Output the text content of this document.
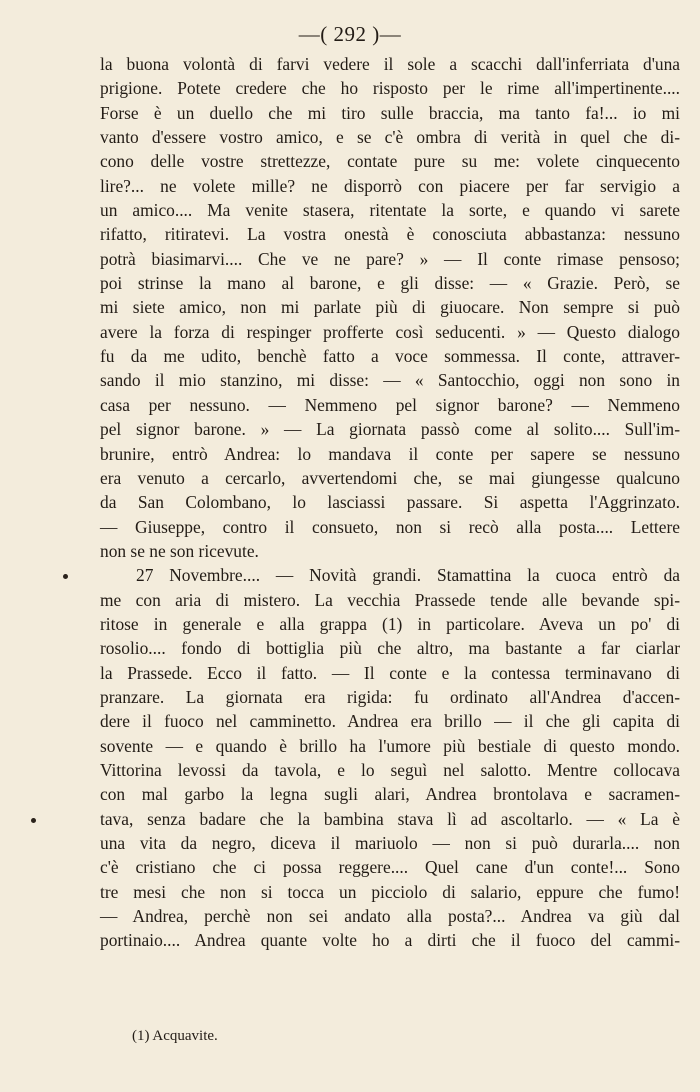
—( 292 )—
la buona volontà di farvi vedere il sole a scacchi dall'inferriata d'una
prigione. Potete credere che ho risposto per le rime all'impertinente....
Forse è un duello che mi tiro sulle braccia, ma tanto fa!... io mi
vanto d'essere vostro amico, e se c'è ombra di verità in quel che di-
cono delle vostre strettezze, contate pure su me: volete cinquecento
lire?... ne volete mille? ne disporrò con piacere per far servigio a
un amico.... Ma venite stasera, ritentate la sorte, e quando vi sarete
rifatto, ritiratevi. La vostra onestà è conosciuta abbastanza: nessuno
potrà biasimarvi.... Che ve ne pare? » — Il conte rimase pensoso;
poi strinse la mano al barone, e gli disse: — « Grazie. Però, se
mi siete amico, non mi parlate più di giuocare. Non sempre si può
avere la forza di respinger profferte così seducenti. » — Questo dialogo
fu da me udito, benchè fatto a voce sommessa. Il conte, attraver-
sando il mio stanzino, mi disse: — « Santocchio, oggi non sono in
casa per nessuno. — Nemmeno pel signor barone? — Nemmeno
pel signor barone. » — La giornata passò come al solito.... Sull'im-
brunire, entrò Andrea: lo mandava il conte per sapere se nessuno
era venuto a cercarlo, avvertendomi che, se mai giungesse qualcuno
da San Colombano, lo lasciassi passare. Si aspetta l'Aggrinzato.
— Giuseppe, contro il consueto, non si recò alla posta.... Lettere
non se ne son ricevute.
27 Novembre.... — Novità grandi. Stamattina la cuoca entrò da
me con aria di mistero. La vecchia Prassede tende alle bevande spi-
ritose in generale e alla grappa (1) in particolare. Aveva un po' di
rosolio.... fondo di bottiglia più che altro, ma bastante a far ciarlar
la Prassede. Ecco il fatto. — Il conte e la contessa terminavano di
pranzare. La giornata era rigida: fu ordinato all'Andrea d'accen-
dere il fuoco nel camminetto. Andrea era brillo — il che gli capita di
sovente — e quando è brillo ha l'umore più bestiale di questo mondo.
Vittorina levossi da tavola, e lo seguì nel salotto. Mentre collocava
con mal garbo la legna sugli alari, Andrea brontolava e sacramen-
tava, senza badare che la bambina stava lì ad ascoltarlo. — « La è
una vita da negro, diceva il mariuolo — non si può durarla.... non
c'è cristiano che ci possa reggere.... Quel cane d'un conte!... Sono
tre mesi che non si tocca un picciolo di salario, eppure che fumo!
— Andrea, perchè non sei andato alla posta?... Andrea va giù dal
portinaio.... Andrea quante volte ho a dirti che il fuoco del cammi-
(1) Acquavite.
